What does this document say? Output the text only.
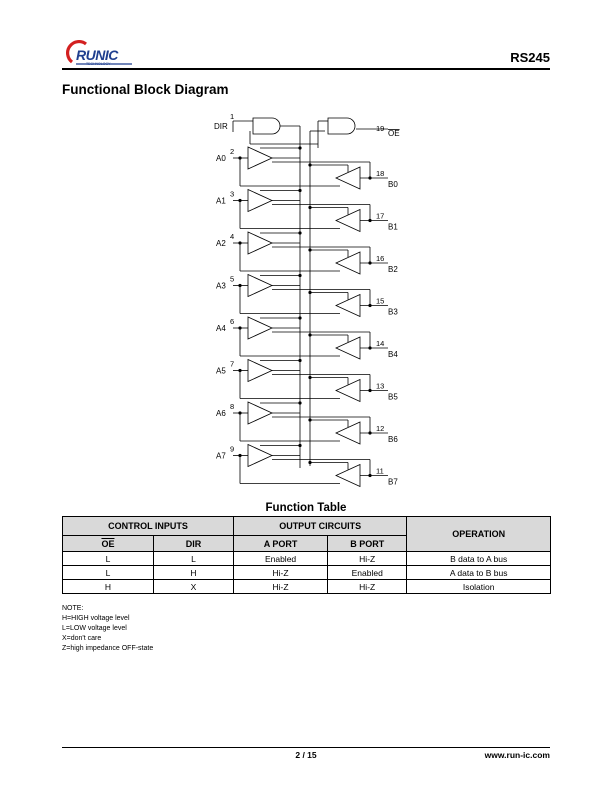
RUNIC
TECHNOLOGY	RS245
Functional Block Diagram
A0
2
B0
18
A1
3
B1
17
A2
4
B2
16
A3
5
B3
15
A4
6
B4
14
A5
7
B5
13
A6
8
B6
12
A7
9
B7
11
DIR
1
OE
19
Function Table
CONTROL INPUTS		OUTPUT CIRCUITS		OPERATION
$\overline{OE}$	DIR	A PORT	B PORT	
L	L	Enabled	Hi-Z	B data to A bus
L	H	Hi-Z	Enabled	A data to B bus
H	X	Hi-Z	Hi-Z	Isolation
NOTE:
H=HIGH voltage level
L=LOW voltage level
X=don't care
Z=high impedance OFF-state
2 / 15	www.run-ic.com
